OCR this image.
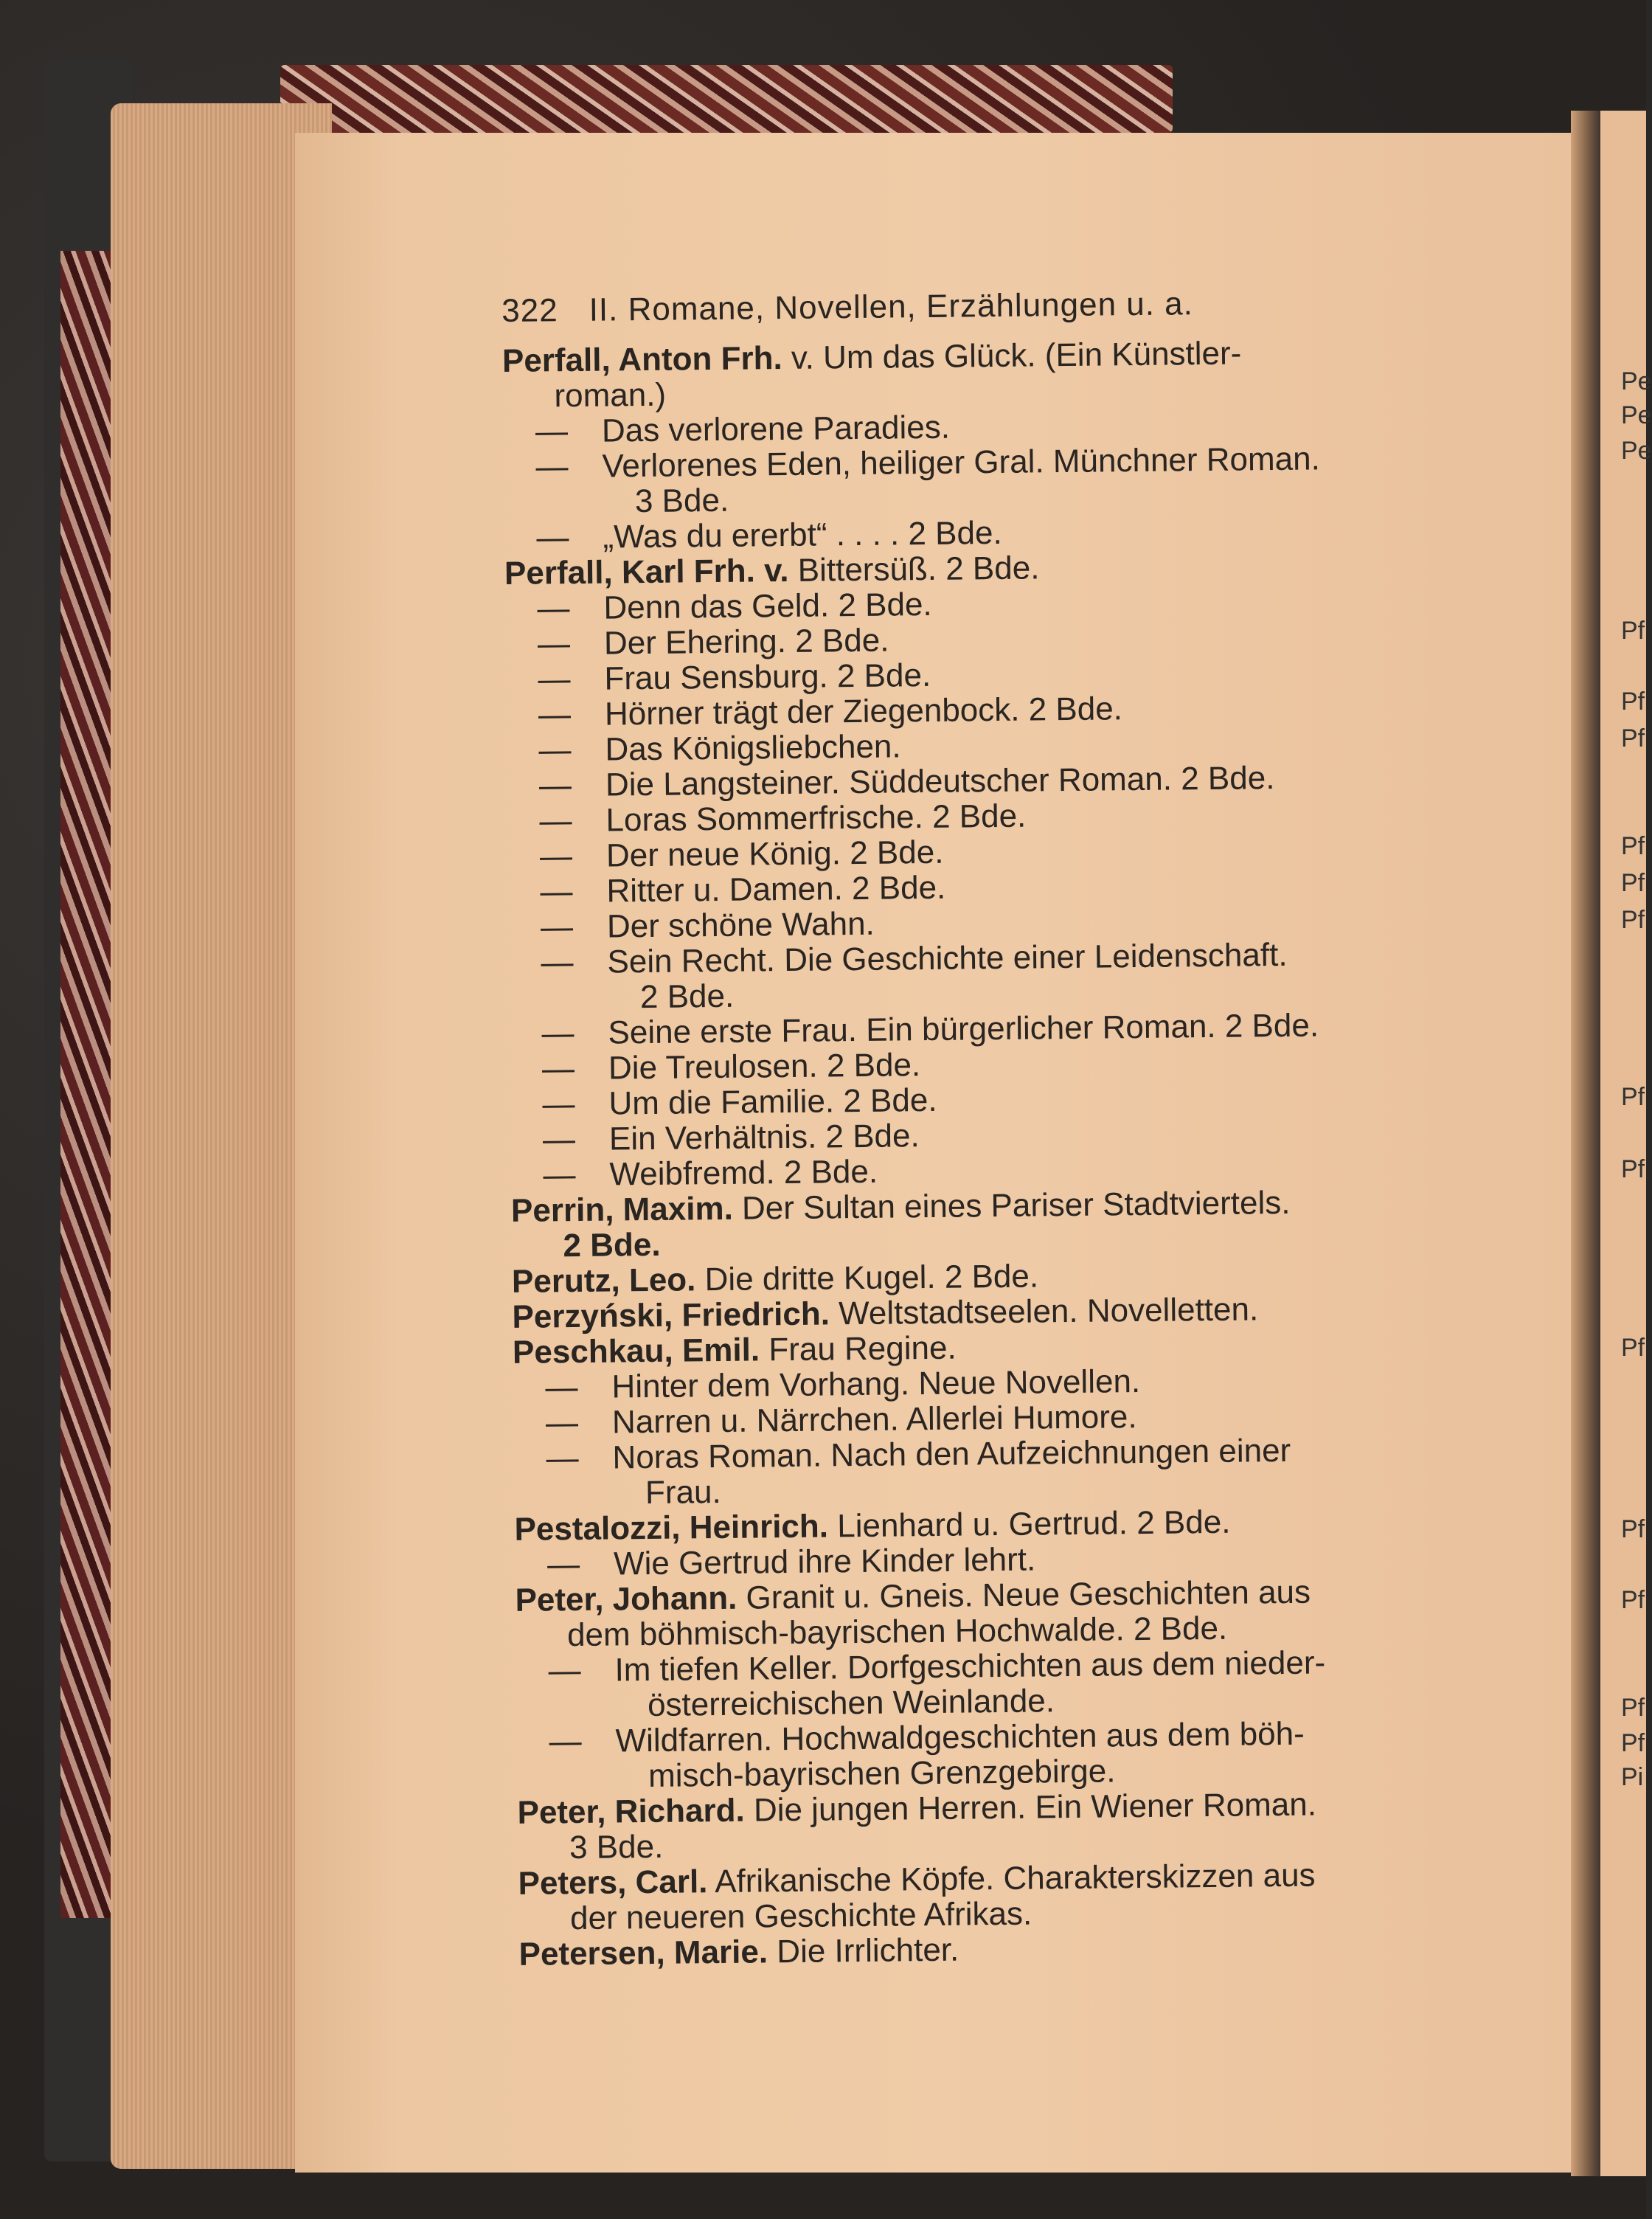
Pe
Pe
Pe
Pf
Pf
Pf
Pf
Pf
Pf
Pf
Pf
Pf
Pf
Pf
Pf
Pf
Pi
322 II. Romane, Novellen, Erzählungen u. a.
Perfall, Anton Frh. v. Um das Glück. (Ein Künstler-
roman.)
— Das verlorene Paradies.
— Verlorenes Eden, heiliger Gral. Münchner Roman.
3 Bde.
— „Was du ererbt“ . . . . 2 Bde.
Perfall, Karl Frh. v. Bittersüß. 2 Bde.
— Denn das Geld. 2 Bde.
— Der Ehering. 2 Bde.
— Frau Sensburg. 2 Bde.
— Hörner trägt der Ziegenbock. 2 Bde.
— Das Königsliebchen.
— Die Langsteiner. Süddeutscher Roman. 2 Bde.
— Loras Sommerfrische. 2 Bde.
— Der neue König. 2 Bde.
— Ritter u. Damen. 2 Bde.
— Der schöne Wahn.
— Sein Recht. Die Geschichte einer Leidenschaft.
2 Bde.
— Seine erste Frau. Ein bürgerlicher Roman. 2 Bde.
— Die Treulosen. 2 Bde.
— Um die Familie. 2 Bde.
— Ein Verhältnis. 2 Bde.
— Weibfremd. 2 Bde.
Perrin, Maxim. Der Sultan eines Pariser Stadtviertels.
2 Bde.
Perutz, Leo. Die dritte Kugel. 2 Bde.
Perzyński, Friedrich. Weltstadtseelen. Novelletten.
Peschkau, Emil. Frau Regine.
— Hinter dem Vorhang. Neue Novellen.
— Narren u. Närrchen. Allerlei Humore.
— Noras Roman. Nach den Aufzeichnungen einer
Frau.
Pestalozzi, Heinrich. Lienhard u. Gertrud. 2 Bde.
— Wie Gertrud ihre Kinder lehrt.
Peter, Johann. Granit u. Gneis. Neue Geschichten aus
dem böhmisch-bayrischen Hochwalde. 2 Bde.
— Im tiefen Keller. Dorfgeschichten aus dem nieder-
österreichischen Weinlande.
— Wildfarren. Hochwaldgeschichten aus dem böh-
misch-bayrischen Grenzgebirge.
Peter, Richard. Die jungen Herren. Ein Wiener Roman.
3 Bde.
Peters, Carl. Afrikanische Köpfe. Charakterskizzen aus
der neueren Geschichte Afrikas.
Petersen, Marie. Die Irrlichter.
